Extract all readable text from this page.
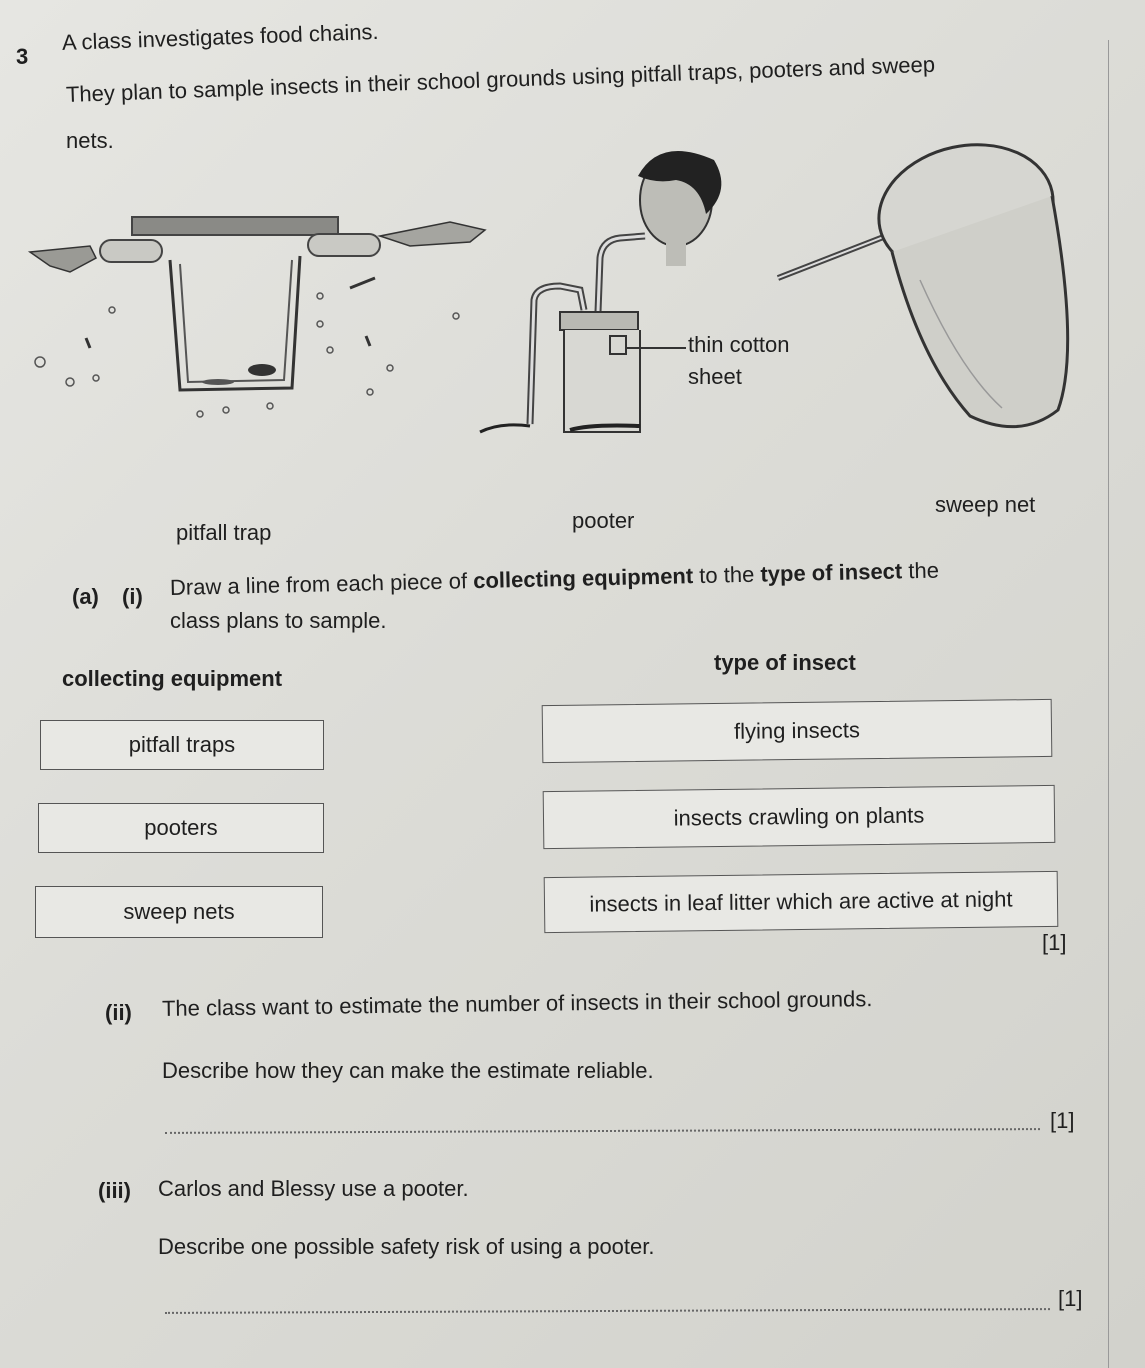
3
A class investigates food chains.
They plan to sample insects in their school grounds using pitfall traps, pooters and sweep
nets.
pitfall trap
thin cotton
sheet
pooter
sweep net
(a) (i) Draw a line from each piece of collecting equipment to the type of insect the
class plans to sample.
collecting equipment
type of insect
pitfall traps
pooters
sweep nets
flying insects
insects crawling on plants
insects in leaf litter which are active at night
[1]
(ii) The class want to estimate the number of insects in their school grounds.
Describe how they can make the estimate reliable.
[1]
(iii) Carlos and Blessy use a pooter.
Describe one possible safety risk of using a pooter.
[1]
